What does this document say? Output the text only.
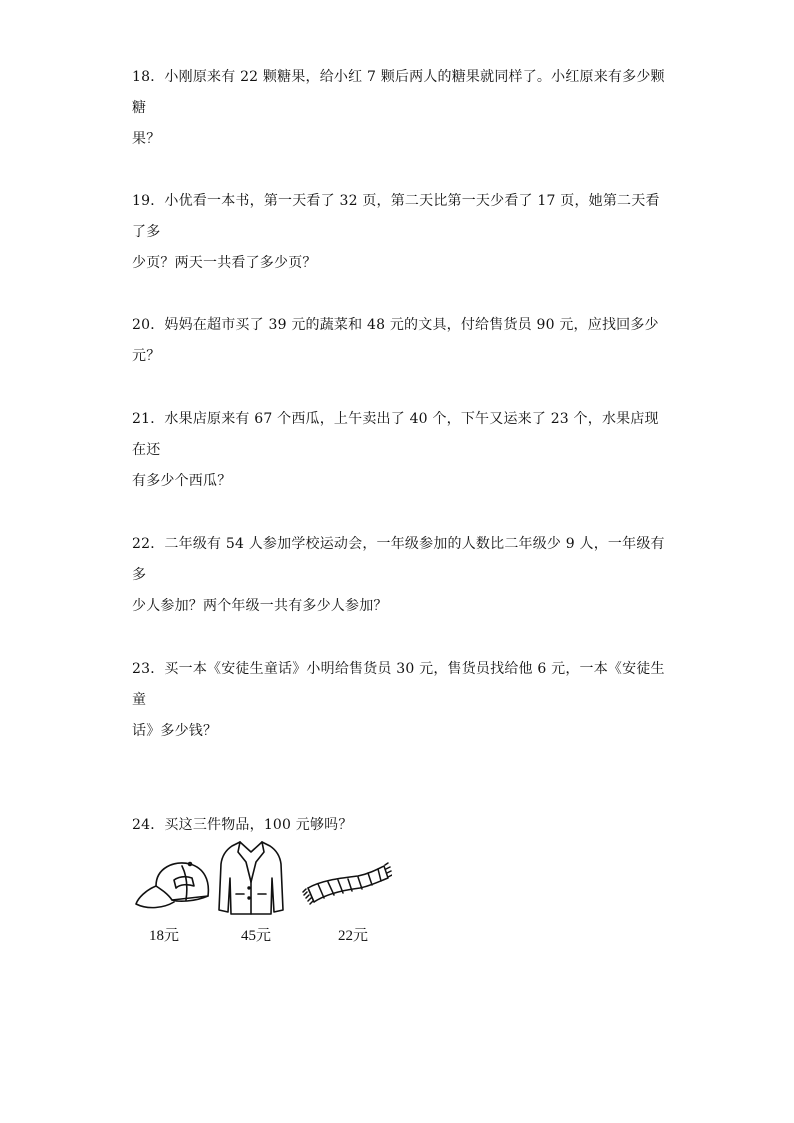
18．小刚原来有 22 颗糖果，给小红 7 颗后两人的糖果就同样了。小红原来有多少颗糖

果？

19．小优看一本书，第一天看了 32 页，第二天比第一天少看了 17 页，她第二天看了多

少页？两天一共看了多少页？

20．妈妈在超市买了 39 元的蔬菜和 48 元的文具，付给售货员 90 元，应找回多少元？

21．水果店原来有 67 个西瓜，上午卖出了 40 个，下午又运来了 23 个，水果店现在还

有多少个西瓜？

22．二年级有 54 人参加学校运动会，一年级参加的人数比二年级少 9 人，一年级有多

少人参加？两个年级一共有多少人参加？

23．买一本《安徒生童话》小明给售货员 30 元，售货员找给他 6 元，一本《安徒生童

话》多少钱？

24．买这三件物品，100 元够吗？

18元	45元	22元
